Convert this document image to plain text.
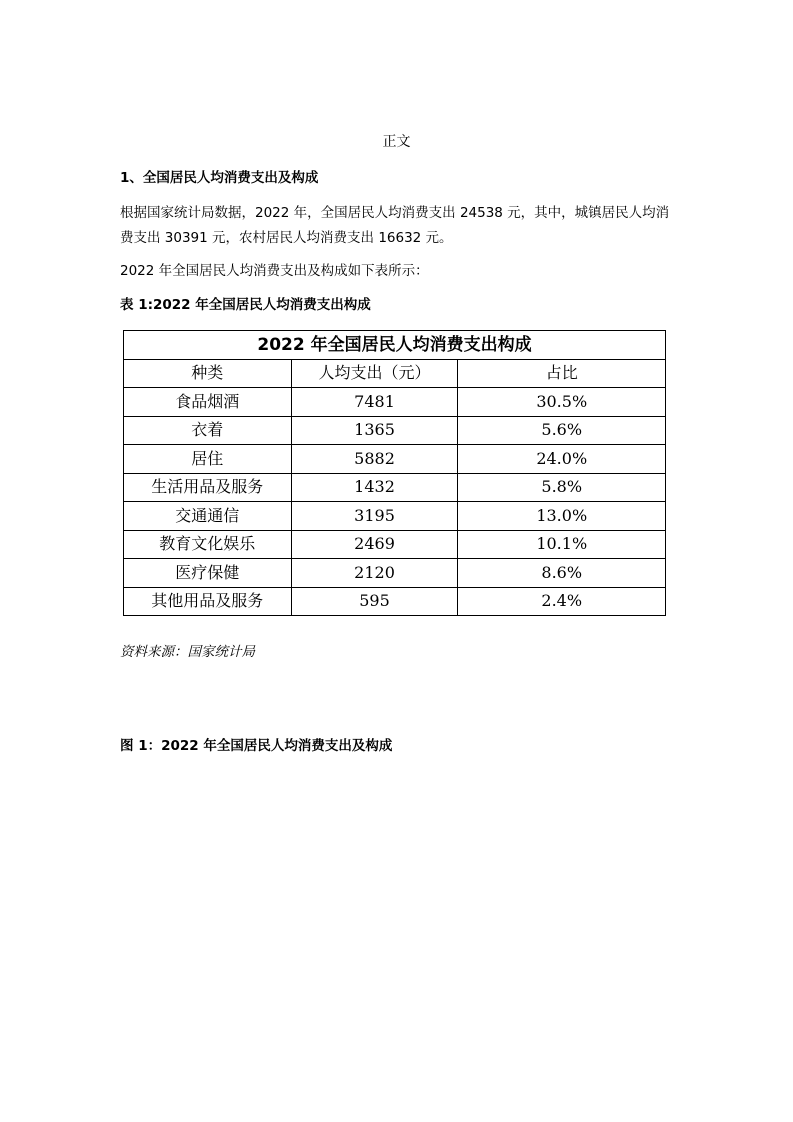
正文
1、全国居民人均消费支出及构成
根据国家统计局数据，2022 年，全国居民人均消费支出 24538 元，其中，城镇居民人均消费支出 30391 元，农村居民人均消费支出 16632 元。
2022 年全国居民人均消费支出及构成如下表所示：
表 1:2022 年全国居民人均消费支出构成
2022 年全国居民人均消费支出构成		
种类	人均支出（元）	占比
食品烟酒	7481	30.5%
衣着	1365	5.6%
居住	5882	24.0%
生活用品及服务	1432	5.8%
交通通信	3195	13.0%
教育文化娱乐	2469	10.1%
医疗保健	2120	8.6%
其他用品及服务	595	2.4%
资料来源：国家统计局
图 1：2022 年全国居民人均消费支出及构成
